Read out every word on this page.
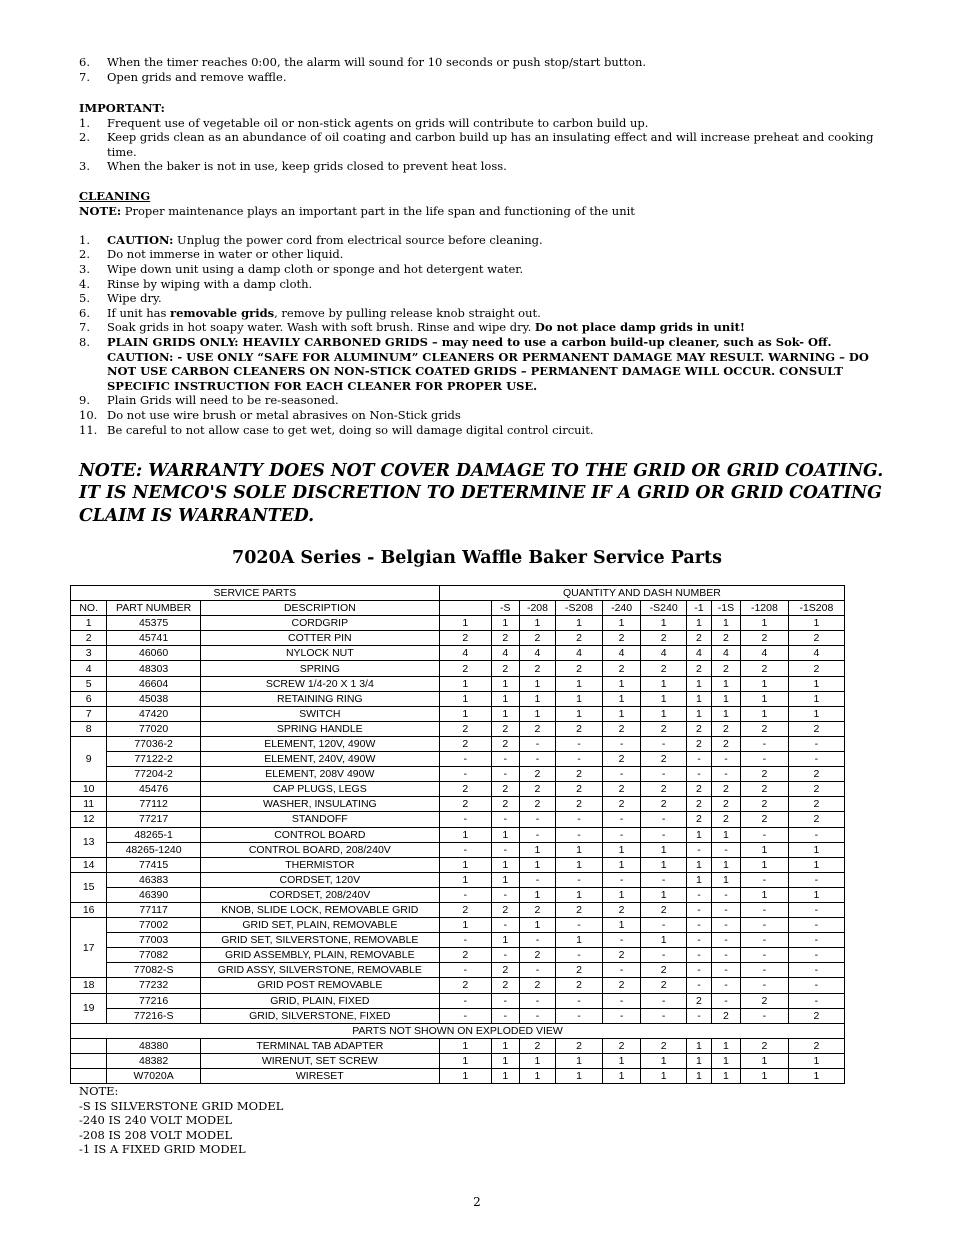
6. When the timer reaches 0:00, the alarm will sound for 10 seconds or push stop/start button.
7. Open grids and remove waffle.
IMPORTANT:
1. Frequent use of vegetable oil or non-stick agents on grids will contribute to carbon build up.
2. Keep grids clean as an abundance of oil coating and carbon build up has an insulating effect and will increase preheat and cooking time.
3. When the baker is not in use, keep grids closed to prevent heat loss.
CLEANING
NOTE: Proper maintenance plays an important part in the life span and functioning of the unit
1. CAUTION: Unplug the power cord from electrical source before cleaning.
2. Do not immerse in water or other liquid.
3. Wipe down unit using a damp cloth or sponge and hot detergent water.
4. Rinse by wiping with a damp cloth.
5. Wipe dry.
6. If unit has removable grids, remove by pulling release knob straight out.
7. Soak grids in hot soapy water. Wash with soft brush. Rinse and wipe dry. Do not place damp grids in unit!
8. PLAIN GRIDS ONLY: HEAVILY CARBONED GRIDS – may need to use a carbon build-up cleaner, such as Sok- Off. CAUTION: - USE ONLY “SAFE FOR ALUMINUM” CLEANERS OR PERMANENT DAMAGE MAY RESULT. WARNING – DO NOT USE CARBON CLEANERS ON NON-STICK COATED GRIDS – PERMANENT DAMAGE WILL OCCUR. CONSULT SPECIFIC INSTRUCTION FOR EACH CLEANER FOR PROPER USE.
9. Plain Grids will need to be re-seasoned.
10. Do not use wire brush or metal abrasives on Non-Stick grids
11. Be careful to not allow case to get wet, doing so will damage digital control circuit.
NOTE: WARRANTY DOES NOT COVER DAMAGE TO THE GRID OR GRID COATING. IT IS NEMCO'S SOLE DISCRETION TO DETERMINE IF A GRID OR GRID COATING CLAIM IS WARRANTED.
7020A Series - Belgian Waffle Baker Service Parts
SERVICE PARTS			QUANTITY AND DASH NUMBER									
NO.	PART NUMBER	DESCRIPTION		-S	-208	-S208	-240	-S240	-1	-1S	-1208	-1S208
1	45375	CORDGRIP	1	1	1	1	1	1	1	1	1	1
2	45741	COTTER PIN	2	2	2	2	2	2	2	2	2	2
3	46060	NYLOCK NUT	4	4	4	4	4	4	4	4	4	4
4	48303	SPRING	2	2	2	2	2	2	2	2	2	2
5	46604	SCREW 1/4-20 X 1 3/4	1	1	1	1	1	1	1	1	1	1
6	45038	RETAINING RING	1	1	1	1	1	1	1	1	1	1
7	47420	SWITCH	1	1	1	1	1	1	1	1	1	1
8	77020	SPRING HANDLE	2	2	2	2	2	2	2	2	2	2
9	77036-2	ELEMENT, 120V, 490W	2	2	-	-	-	-	2	2	-	-
	77122-2	ELEMENT, 240V, 490W	-	-	-	-	2	2	-	-	-	-
	77204-2	ELEMENT, 208V 490W	-	-	2	2	-	-	-	-	2	2
10	45476	CAP PLUGS, LEGS	2	2	2	2	2	2	2	2	2	2
11	77112	WASHER, INSULATING	2	2	2	2	2	2	2	2	2	2
12	77217	STANDOFF	-	-	-	-	-	-	2	2	2	2
13	48265-1	CONTROL BOARD	1	1	-	-	-	-	1	1	-	-
	48265-1240	CONTROL BOARD, 208/240V	-	-	1	1	1	1	-	-	1	1
14	77415	THERMISTOR	1	1	1	1	1	1	1	1	1	1
15	46383	CORDSET, 120V	1	1	-	-	-	-	1	1	-	-
	46390	CORDSET, 208/240V	-	-	1	1	1	1	-	-	1	1
16	77117	KNOB, SLIDE LOCK, REMOVABLE GRID	2	2	2	2	2	2	-	-	-	-
17	77002	GRID SET, PLAIN, REMOVABLE	1	-	1	-	1	-	-	-	-	-
	77003	GRID SET, SILVERSTONE, REMOVABLE	-	1	-	1	-	1	-	-	-	-
	77082	GRID ASSEMBLY, PLAIN, REMOVABLE	2	-	2	-	2	-	-	-	-	-
	77082-S	GRID ASSY, SILVERSTONE, REMOVABLE	-	2	-	2	-	2	-	-	-	-
18	77232	GRID POST REMOVABLE	2	2	2	2	2	2	-	-	-	-
19	77216	GRID, PLAIN, FIXED	-	-	-	-	-	-	2	-	2	-
	77216-S	GRID, SILVERSTONE, FIXED	-	-	-	-	-	-	-	2	-	2
PARTS NOT SHOWN ON EXPLODED VIEW												
	48380	TERMINAL TAB ADAPTER	1	1	2	2	2	2	1	1	2	2
	48382	WIRENUT, SET SCREW	1	1	1	1	1	1	1	1	1	1
	W7020A	WIRESET	1	1	1	1	1	1	1	1	1	1
NOTE:
-S IS SILVERSTONE GRID MODEL
-240 IS 240 VOLT MODEL
-208 IS 208 VOLT MODEL
-1 IS A FIXED GRID MODEL
2
